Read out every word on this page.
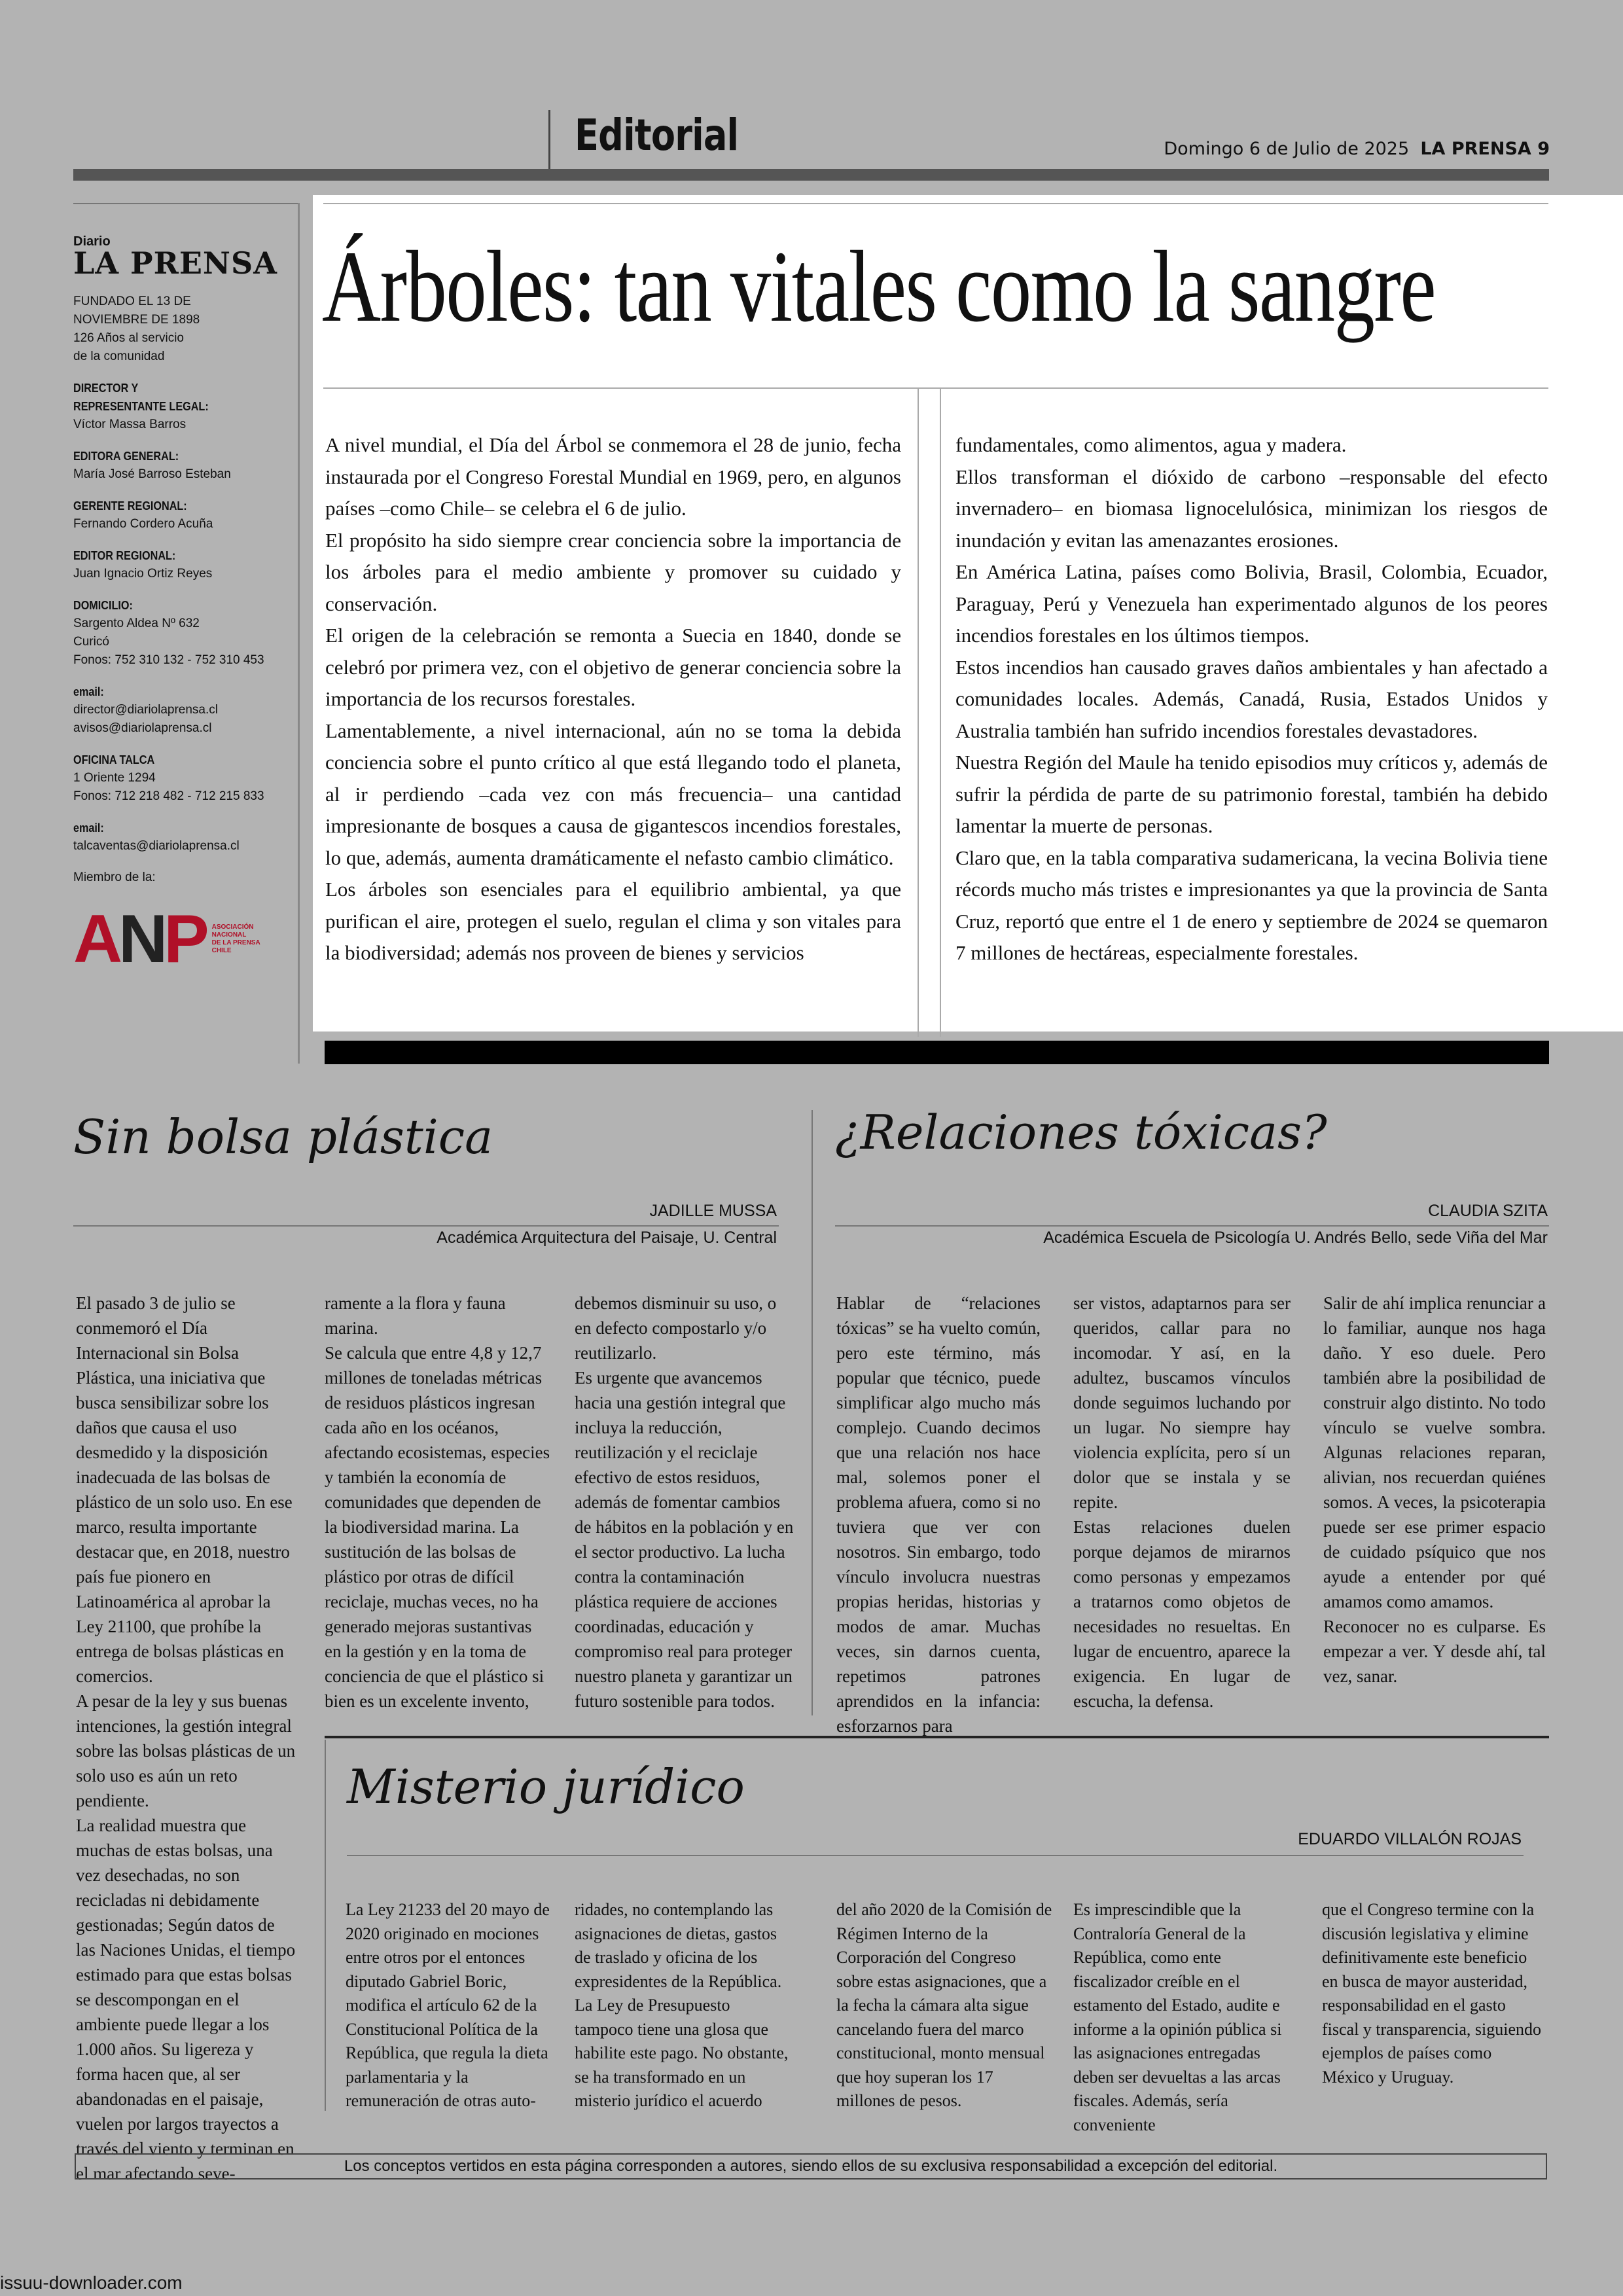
Editorial	Domingo 6 de Julio de 2025 LA PRENSA 9
Diario
LA PRENSA
FUNDADO EL 13 DE
NOVIEMBRE DE 1898
126 Años al servicio
de la comunidad
DIRECTOR Y
REPRESENTANTE LEGAL:
Víctor Massa Barros
EDITORA GENERAL:
María José Barroso Esteban
GERENTE REGIONAL:
Fernando Cordero Acuña
EDITOR REGIONAL:
Juan Ignacio Ortiz Reyes
DOMICILIO:
Sargento Aldea Nº 632
Curicó
Fonos: 752 310 132 - 752 310 453
email:
director@diariolaprensa.cl
avisos@diariolaprensa.cl
OFICINA TALCA
1 Oriente 1294
Fonos: 712 218 482 - 712 215 833
email:
talcaventas@diariolaprensa.cl
Miembro de la:
ANP ASOCIACIÓN
NACIONAL
DE LA PRENSA
CHILE
Árboles: tan vitales como la sangre

A nivel mundial, el Día del Árbol se conmemora el 28 de junio, fecha instaurada por el Congreso Forestal Mundial en 1969, pero, en algunos países –como Chile– se celebra el 6 de julio.

El propósito ha sido siempre crear conciencia sobre la importancia de los árboles para el medio ambiente y promover su cuidado y conservación.

El origen de la celebración se remonta a Suecia en 1840, donde se celebró por primera vez, con el objetivo de generar conciencia sobre la importancia de los recursos forestales.

Lamentablemente, a nivel internacional, aún no se toma la debida conciencia sobre el punto crítico al que está llegando todo el planeta, al ir perdiendo –cada vez con más frecuencia– una cantidad impresionante de bosques a causa de gigantescos incendios forestales, lo que, además, aumenta dramáticamente el nefasto cambio climático.

Los árboles son esenciales para el equilibrio ambiental, ya que purifican el aire, protegen el suelo, regulan el clima y son vitales para la biodiversidad; además nos proveen de bienes y servicios

fundamentales, como alimentos, agua y madera.

Ellos transforman el dióxido de carbono –responsable del efecto invernadero– en biomasa lignocelulósica, minimizan los riesgos de inundación y evitan las amenazantes erosiones.

En América Latina, países como Bolivia, Brasil, Colombia, Ecuador, Paraguay, Perú y Venezuela han experimentado algunos de los peores incendios forestales en los últimos tiempos.

Estos incendios han causado graves daños ambientales y han afectado a comunidades locales. Además, Canadá, Rusia, Estados Unidos y Australia también han sufrido incendios forestales devastadores.

Nuestra Región del Maule ha tenido episodios muy críticos y, además de sufrir la pérdida de parte de su patrimonio forestal, también ha debido lamentar la muerte de personas.

Claro que, en la tabla comparativa sudamericana, la vecina Bolivia tiene récords mucho más tristes e impresionantes ya que la provincia de Santa Cruz, reportó que entre el 1 de enero y septiembre de 2024 se quemaron 7 millones de hectáreas, especialmente forestales.

Sin bolsa plástica
JADILLE MUSSA
Académica Arquitectura del Paisaje, U. Central
El pasado 3 de julio se conmemoró el Día Internacional sin Bolsa Plástica, una iniciativa que busca sensibilizar sobre los daños que causa el uso desmedido y la disposición inadecuada de las bolsas de plástico de un solo uso. En ese marco, resulta importante destacar que, en 2018, nuestro país fue pionero en Latinoamérica al aprobar la Ley 21100, que prohíbe la entrega de bolsas plásticas en comercios.
A pesar de la ley y sus buenas intenciones, la gestión integral sobre las bolsas plásticas de un solo uso es aún un reto pendiente.
La realidad muestra que muchas de estas bolsas, una vez desechadas, no son recicladas ni debidamente gestionadas; Según datos de las Naciones Unidas, el tiempo estimado para que estas bolsas se descompongan en el ambiente puede llegar a los 1.000 años. Su ligereza y forma hacen que, al ser abandonadas en el paisaje, vuelen por largos trayectos a través del viento y terminan en el mar afectando seve-
ramente a la flora y fauna marina.
Se calcula que entre 4,8 y 12,7 millones de toneladas métricas de residuos plásticos ingresan cada año en los océanos, afectando ecosistemas, especies y también la economía de comunidades que dependen de la biodiversidad marina. La sustitución de las bolsas de plástico por otras de difícil reciclaje, muchas veces, no ha generado mejoras sustantivas en la gestión y en la toma de conciencia de que el plástico si bien es un excelente invento,
debemos disminuir su uso, o en defecto compostarlo y/o reutilizarlo.
Es urgente que avancemos hacia una gestión integral que incluya la reducción, reutilización y el reciclaje efectivo de estos residuos, además de fomentar cambios de hábitos en la población y en el sector productivo. La lucha contra la contaminación plástica requiere de acciones coordinadas, educación y compromiso real para proteger nuestro planeta y garantizar un futuro sostenible para todos.
¿Relaciones tóxicas?
CLAUDIA SZITA
Académica Escuela de Psicología U. Andrés Bello, sede Viña del Mar
Hablar de “relaciones tóxicas” se ha vuelto común, pero este término, más popular que técnico, puede simplificar algo mucho más complejo. Cuando decimos que una relación nos hace mal, solemos poner el problema afuera, como si no tuviera que ver con nosotros. Sin embargo, todo vínculo involucra nuestras propias heridas, historias y modos de amar. Muchas veces, sin darnos cuenta, repetimos patrones aprendidos en la infancia: esforzarnos para
ser vistos, adaptarnos para ser queridos, callar para no incomodar. Y así, en la adultez, buscamos vínculos donde seguimos luchando por un lugar. No siempre hay violencia explícita, pero sí un dolor que se instala y se repite.
Estas relaciones duelen porque dejamos de mirarnos como personas y empezamos a tratarnos como objetos de necesidades no resueltas. En lugar de encuentro, aparece la exigencia. En lugar de escucha, la defensa.
Salir de ahí implica renunciar a lo familiar, aunque nos haga daño. Y eso duele. Pero también abre la posibilidad de construir algo distinto. No todo vínculo se vuelve sombra. Algunas relaciones reparan, alivian, nos recuerdan quiénes somos. A veces, la psicoterapia puede ser ese primer espacio de cuidado psíquico que nos ayude a entender por qué amamos como amamos.
Reconocer no es culparse. Es empezar a ver. Y desde ahí, tal vez, sanar.
Misterio jurídico
EDUARDO VILLALÓN ROJAS
La Ley 21233 del 20 mayo de 2020 originado en mociones entre otros por el entonces diputado Gabriel Boric, modifica el artículo 62 de la Constitucional Política de la República, que regula la dieta parlamentaria y la remuneración de otras auto-
ridades, no contemplando las asignaciones de dietas, gastos de traslado y oficina de los expresidentes de la República. La Ley de Presupuesto tampoco tiene una glosa que habilite este pago. No obstante, se ha transformado en un misterio jurídico el acuerdo
del año 2020 de la Comisión de Régimen Interno de la Corporación del Congreso sobre estas asignaciones, que a la fecha la cámara alta sigue cancelando fuera del marco constitucional, monto mensual que hoy superan los 17 millones de pesos.
Es imprescindible que la Contraloría General de la República, como ente fiscalizador creíble en el estamento del Estado, audite e informe a la opinión pública si las asignaciones entregadas deben ser devueltas a las arcas fiscales. Además, sería conveniente
que el Congreso termine con la discusión legislativa y elimine definitivamente este beneficio en busca de mayor austeridad, responsabilidad en el gasto fiscal y transparencia, siguiendo ejemplos de países como México y Uruguay.
Los conceptos vertidos en esta página corresponden a autores, siendo ellos de su exclusiva responsabilidad a excepción del editorial.
issuu-downloader.com
